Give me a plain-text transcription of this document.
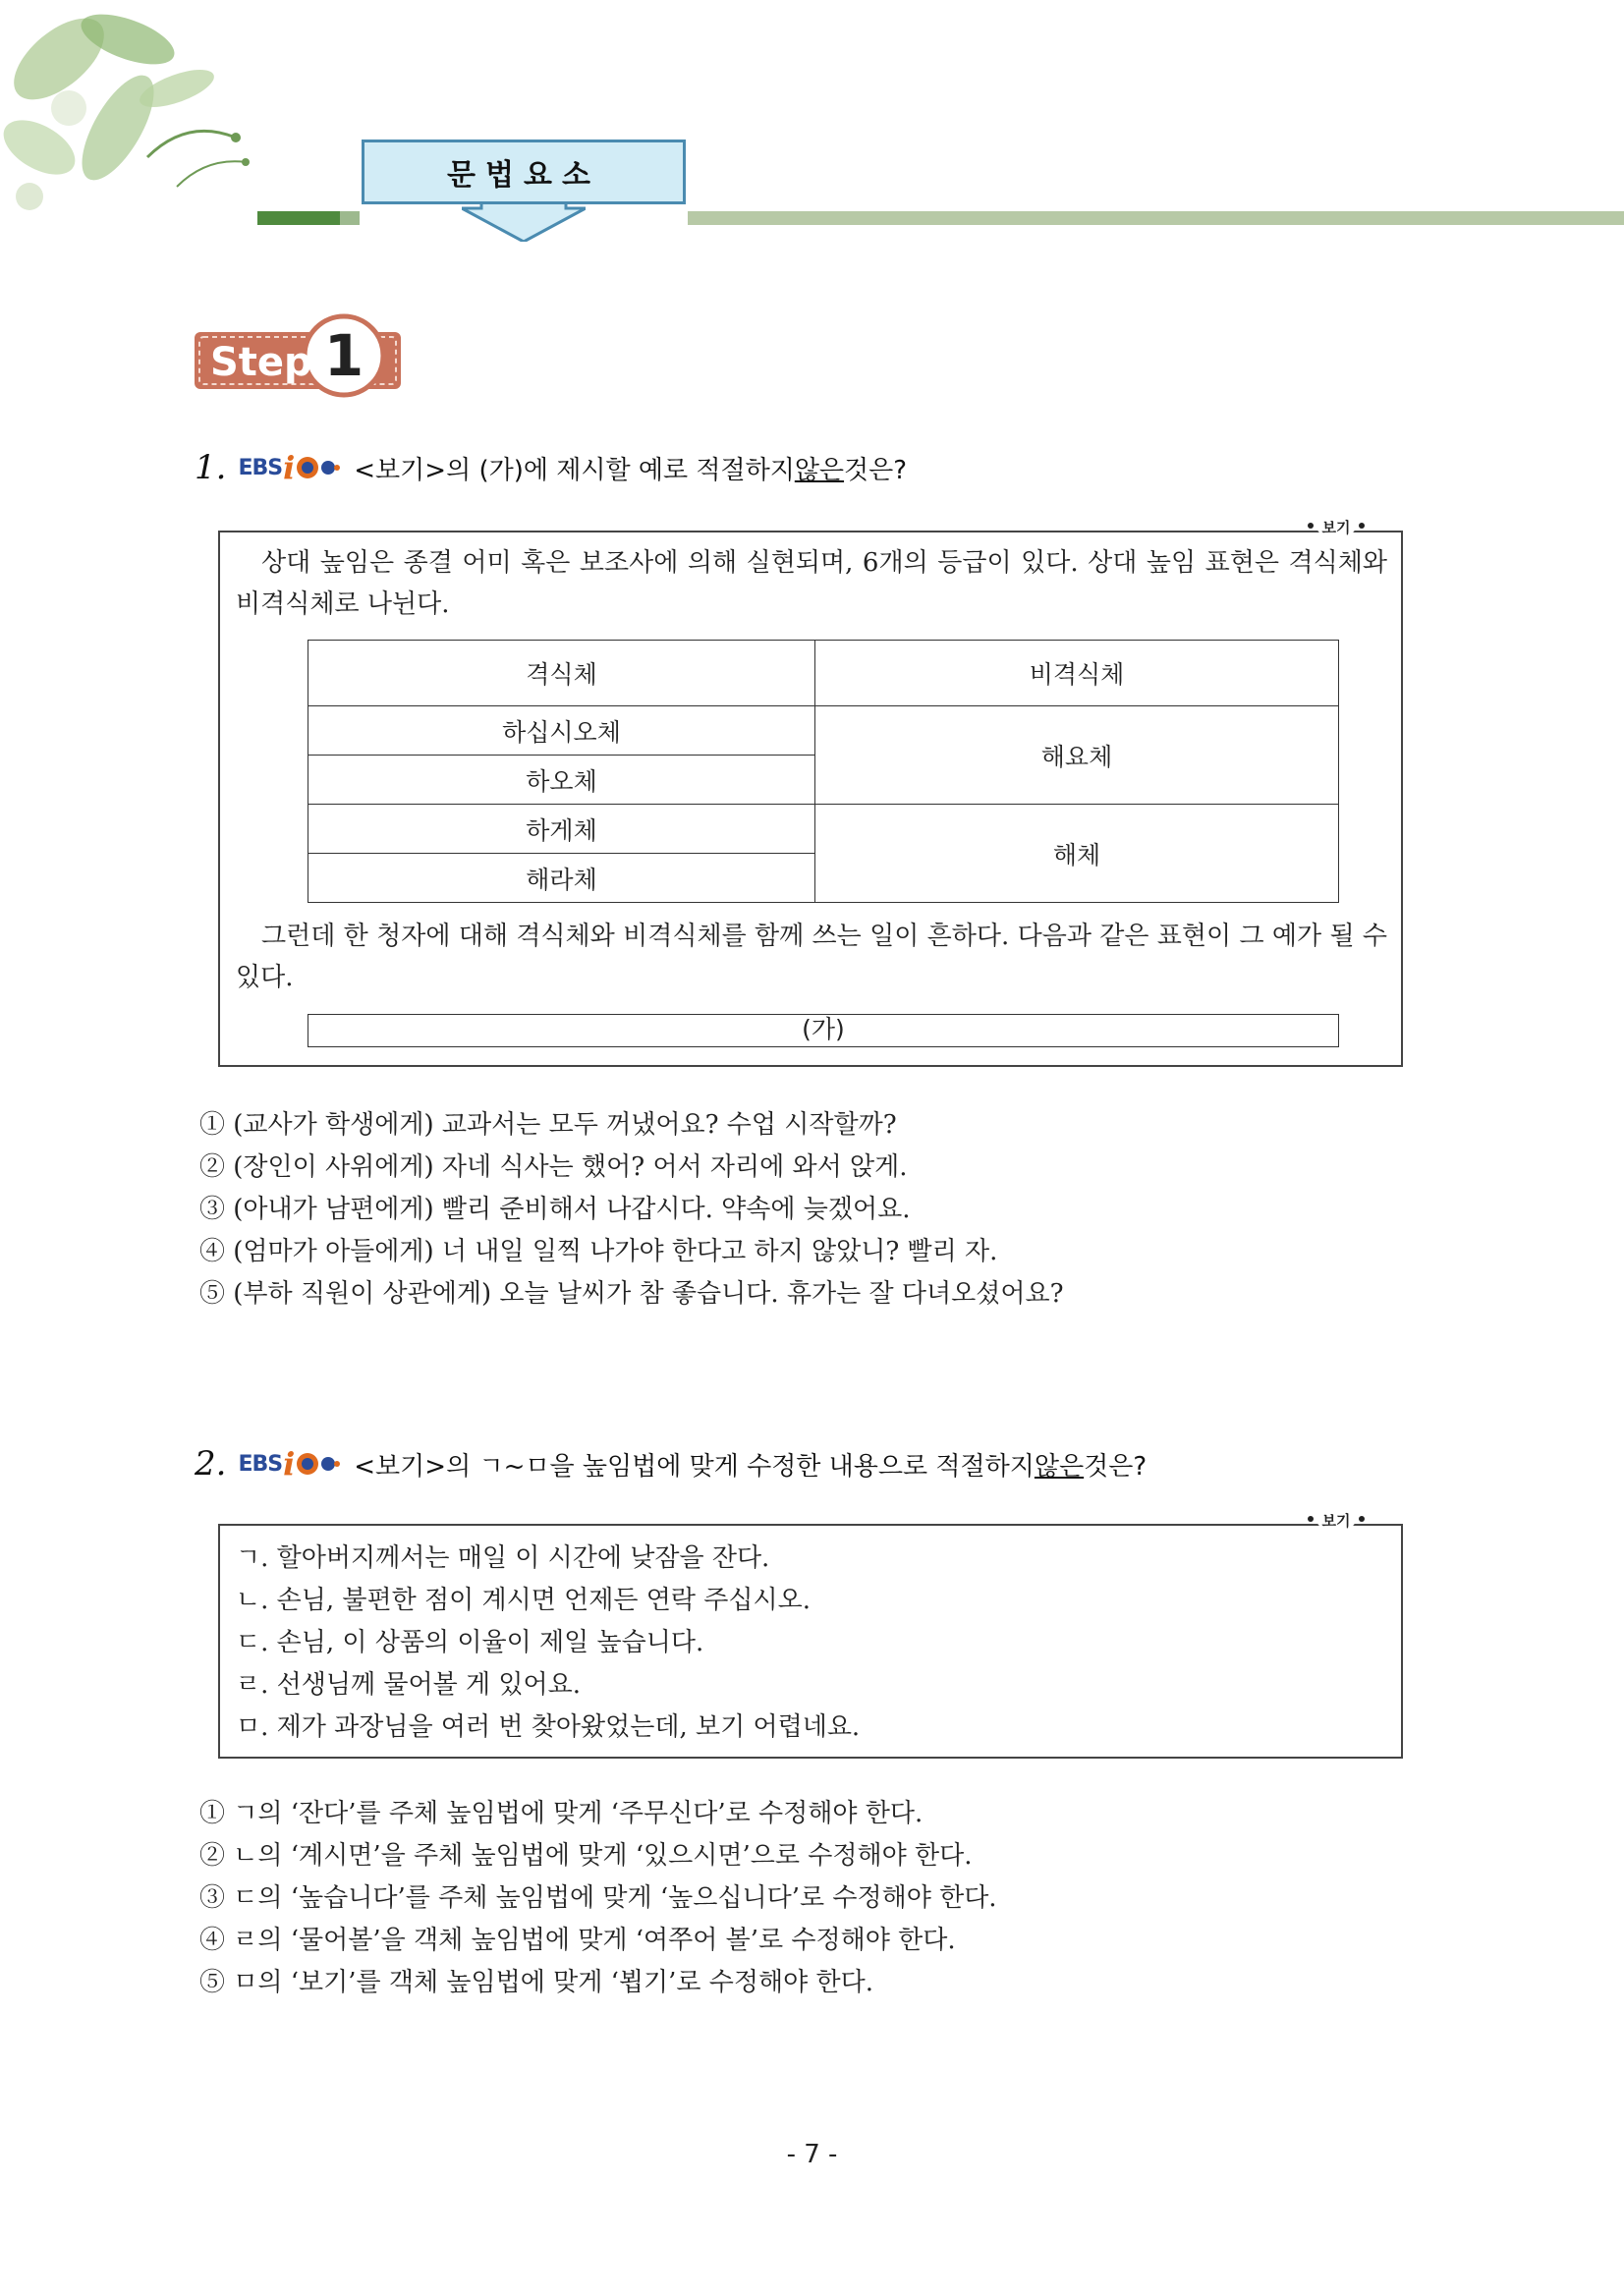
문법요소
Step 1
1. EBS i <보기>의 (가)에 제시할 예로 적절하지 않은 것은?
보기
상대 높임은 종결 어미 혹은 보조사에 의해 실현되며, 6개의 등급이 있다. 상대 높임 표현은 격식체와 비격식체로 나뉜다.
격식체	비격식체
하십시오체	해요체
하오체	
하게체	해체
해라체	
그런데 한 청자에 대해 격식체와 비격식체를 함께 쓰는 일이 흔하다. 다음과 같은 표현이 그 예가 될 수 있다.
(가)
① (교사가 학생에게) 교과서는 모두 꺼냈어요? 수업 시작할까?
② (장인이 사위에게) 자네 식사는 했어? 어서 자리에 와서 앉게.
③ (아내가 남편에게) 빨리 준비해서 나갑시다. 약속에 늦겠어요.
④ (엄마가 아들에게) 너 내일 일찍 나가야 한다고 하지 않았니? 빨리 자.
⑤ (부하 직원이 상관에게) 오늘 날씨가 참 좋습니다. 휴가는 잘 다녀오셨어요?
2. EBS i <보기>의 ㄱ~ㅁ을 높임법에 맞게 수정한 내용으로 적절하지 않은 것은?
보기
ㄱ. 할아버지께서는 매일 이 시간에 낮잠을 잔다.
ㄴ. 손님, 불편한 점이 계시면 언제든 연락 주십시오.
ㄷ. 손님, 이 상품의 이율이 제일 높습니다.
ㄹ. 선생님께 물어볼 게 있어요.
ㅁ. 제가 과장님을 여러 번 찾아왔었는데, 보기 어렵네요.
① ㄱ의 ‘잔다’를 주체 높임법에 맞게 ‘주무신다’로 수정해야 한다.
② ㄴ의 ‘계시면’을 주체 높임법에 맞게 ‘있으시면’으로 수정해야 한다.
③ ㄷ의 ‘높습니다’를 주체 높임법에 맞게 ‘높으십니다’로 수정해야 한다.
④ ㄹ의 ‘물어볼’을 객체 높임법에 맞게 ‘여쭈어 볼’로 수정해야 한다.
⑤ ㅁ의 ‘보기’를 객체 높임법에 맞게 ‘뵙기’로 수정해야 한다.
- 7 -
